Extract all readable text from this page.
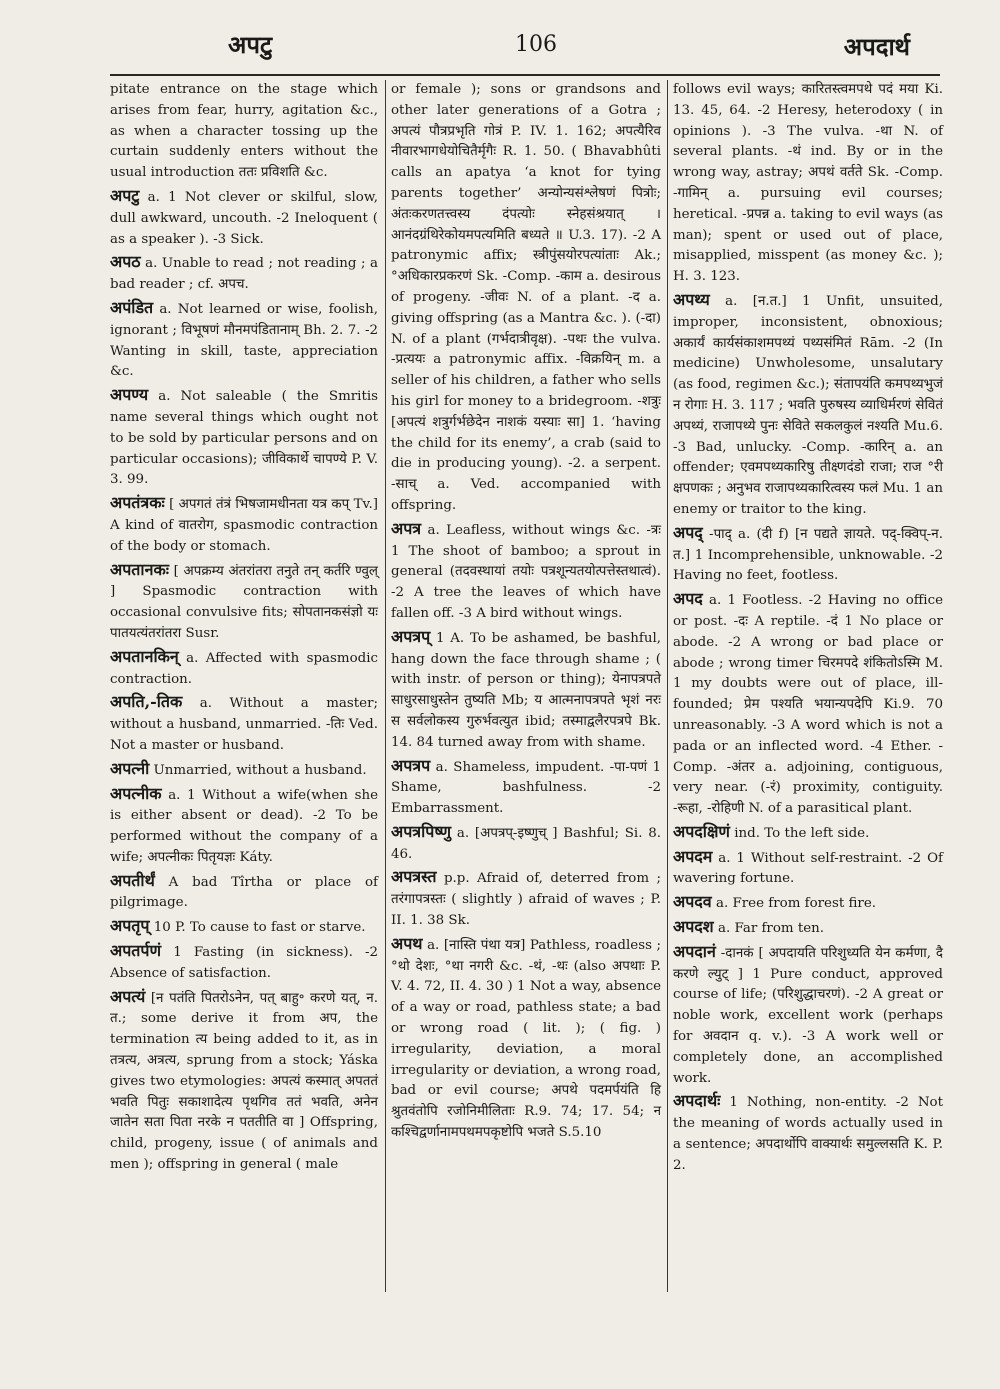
अपटु	106	अपदार्थ

pitate entrance on the stage which arises from fear, hurry, agitation &c., as when a character tossing up the curtain suddenly enters without the usual introduction ततः प्रविशति &c.

अपटु a. 1 Not clever or skilful, slow, dull awkward, uncouth. -2 Ineloquent ( as a speaker ). -3 Sick.

अपठ a. Unable to read ; not reading ; a bad reader ; cf. अपच.

अपंडित a. Not learned or wise, foolish, ignorant ; विभूषणं मौनमपंडितानाम् Bh. 2. 7. -2 Wanting in skill, taste, appreciation &c.

अपण्य a. Not saleable ( the Smritis name several things which ought not to be sold by particular persons and on particular occasions); जीविकार्थे चापण्ये P. V. 3. 99.

अपतंत्रकः [ अपगतं तंत्रं भिषजामधीनता यत्र कप् Tv.] A kind of वातरोग, spasmodic contraction of the body or stomach.

अपतानकः [ अपक्रम्य अंतरांतरा तनुते तन् कर्तरि ण्वुल् ] Spasmodic contraction with occasional convulsive fits; सोपतानकसंज्ञो यः पातयत्यंतरांतरा Susr.

अपतानकिन् a. Affected with spasmodic contraction.

अपति,-तिक a. Without a master; without a husband, unmarried. -तिः Ved. Not a master or husband.

अपत्नी Unmarried, without a husband.

अपत्नीक a. 1 Without a wife(when she is either absent or dead). -2 To be performed without the company of a wife; अपत्नीकः पितृयज्ञः Káty.

अपतीर्थं A bad Tîrtha or place of pilgrimage.

अपतृप् 10 P. To cause to fast or starve.

अपतर्पणं 1 Fasting (in sickness). -2 Absence of satisfaction.

अपत्यं [न पतंति पितरोऽनेन, पत् बाहु॰ करणे यत्, न. त.; some derive it from अप, the termination त्य being added to it, as in तत्रत्य, अत्रत्य, sprung from a stock; Yáska gives two etymologies: अपत्यं कस्मात् अपततं भवति पितुः सकाशादेत्य पृथगिव ततं भवति, अनेन जातेन सता पिता नरके न पततीति वा ] Offspring, child, progeny, issue ( of animals and men ); offspring in general ( male

or female ); sons or grandsons and other later generations of a Gotra ; अपत्यं पौत्रप्रभृति गोत्रं P. IV. 1. 162; अपत्यैरिव नीवारभागधेयोचितैर्मृगैः R. 1. 50. ( Bhavabhûti calls an apatya ‘a knot for tying parents together’ अन्योन्यसंश्लेषणं पित्रोः; अंतःकरणतत्त्वस्य दंपत्योः स्नेहसंश्रयात् । आनंदग्रंथिरेकोयमपत्यमिति बध्यते ॥ U.3. 17). -2 A patronymic affix; स्त्रीपुंसयोरपत्यांताः Ak.; °अधिकारप्रकरणं Sk. -Comp. -काम a. desirous of progeny. -जीवः N. of a plant. -द a. giving offspring (as a Mantra &c. ). (-दा) N. of a plant (गर्भदात्रीवृक्ष). -पथः the vulva. -प्रत्ययः a patronymic affix. -विक्रयिन् m. a seller of his children, a father who sells his girl for money to a bridegroom. -शत्रुः [अपत्यं शत्रुर्गर्भछेदेन नाशकं यस्याः सा] 1. ‘having the child for its enemy’, a crab (said to die in producing young). -2. a serpent. -साच् a. Ved. accompanied with offspring.

अपत्र a. Leafless, without wings &c. -त्रः 1 The shoot of bamboo; a sprout in general (तदवस्थायां तयोः पत्रशून्यतयोत्पत्तेस्तथात्वं). -2 A tree the leaves of which have fallen off. -3 A bird without wings.

अपत्रप् 1 A. To be ashamed, be bashful, hang down the face through shame ; ( with instr. of person or thing); येनापत्रपते साधुरसाधुस्तेन तुष्यति Mb; य आत्मनापत्रपते भृशं नरः स सर्वलोकस्य गुरुर्भवत्युत ibid; तस्माद्वलैरपत्रपे Bk. 14. 84 turned away from with shame.

अपत्रप a. Shameless, impudent. -पा-पणं 1 Shame, bashfulness. -2 Embarrassment.

अपत्रपिष्णु a. [अपत्रप्-इष्णुच् ] Bashful; Si. 8. 46.

अपत्रस्त p.p. Afraid of, deterred from ; तरंगापत्रस्तः ( slightly ) afraid of waves ; P. II. 1. 38 Sk.

अपथ a. [नास्ति पंथा यत्र] Pathless, roadless ; °थो देशः, °था नगरी &c. -थं, -थः (also अपथाः P. V. 4. 72, II. 4. 30 ) 1 Not a way, absence of a way or road, pathless state; a bad or wrong road ( lit. ); ( fig. ) irregularity, deviation, a moral irregularity or deviation, a wrong road, bad or evil course; अपथे पदमर्पयंति हि श्रुतवंतोपि रजोनिमीलिताः R.9. 74; 17. 54; न कश्चिद्वर्णानामपथमपकृष्टोपि भजते S.5.10

follows evil ways; कारितस्त्वमपथे पदं मया Ki. 13. 45, 64. -2 Heresy, heterodoxy ( in opinions ). -3 The vulva. -था N. of several plants. -थं ind. By or in the wrong way, astray; अपथं वर्तते Sk. -Comp. -गामिन् a. pursuing evil courses; heretical. -प्रपन्न a. taking to evil ways (as man); spent or used out of place, misapplied, misspent (as money &c. ); H. 3. 123.

अपथ्य a. [न.त.] 1 Unfit, unsuited, improper, inconsistent, obnoxious; अकार्यं कार्यसंकाशमपथ्यं पथ्यसंमितं Rām. -2 (In medicine) Unwholesome, unsalutary (as food, regimen &c.); संतापयंति कमपथ्यभुजं न रोगाः H. 3. 117 ; भवति पुरुषस्य व्याधिर्मरणं सेवितं अपथ्यं, राजापथ्ये पुनः सेविते सकलकुलं नश्यति Mu.6. -3 Bad, unlucky. -Comp. -कारिन् a. an offender; एवमपथ्यकारिषु तीक्ष्णदंडो राजा; राज °री क्षपणकः ; अनुभव राजापथ्यकारित्वस्य फलं Mu. 1 an enemy or traitor to the king.

अपद् -पाद् a. (दी f) [न पद्यते ज्ञायते. पद्-क्विप्-न. त.] 1 Incomprehensible, unknowable. -2 Having no feet, footless.

अपद a. 1 Footless. -2 Having no office or post. -दः A reptile. -दं 1 No place or abode. -2 A wrong or bad place or abode ; wrong timer चिरमपदे शंकितोऽस्मि M. 1 my doubts were out of place, ill-founded; प्रेम पश्यति भयान्यपदेपि Ki.9. 70 unreasonably. -3 A word which is not a pada or an inflected word. -4 Ether. -Comp. -अंतर a. adjoining, contiguous, very near. (-रं) proximity, contiguity. -रूहा, -रोहिणी N. of a parasitical plant.

अपदक्षिणं ind. To the left side.

अपदम a. 1 Without self-restraint. -2 Of wavering fortune.

अपदव a. Free from forest fire.

अपदश a. Far from ten.

अपदानं -दानकं [ अपदायति परिशुध्यति येन कर्मणा, दै करणे ल्युट् ] 1 Pure conduct, approved course of life; (परिशुद्धाचरणं). -2 A great or noble work, excellent work (perhaps for अवदान q. v.). -3 A work well or completely done, an accomplished work.

अपदार्थः 1 Nothing, non-entity. -2 Not the meaning of words actually used in a sentence; अपदार्थोपि वाक्यार्थः समुल्लसति K. P. 2.
